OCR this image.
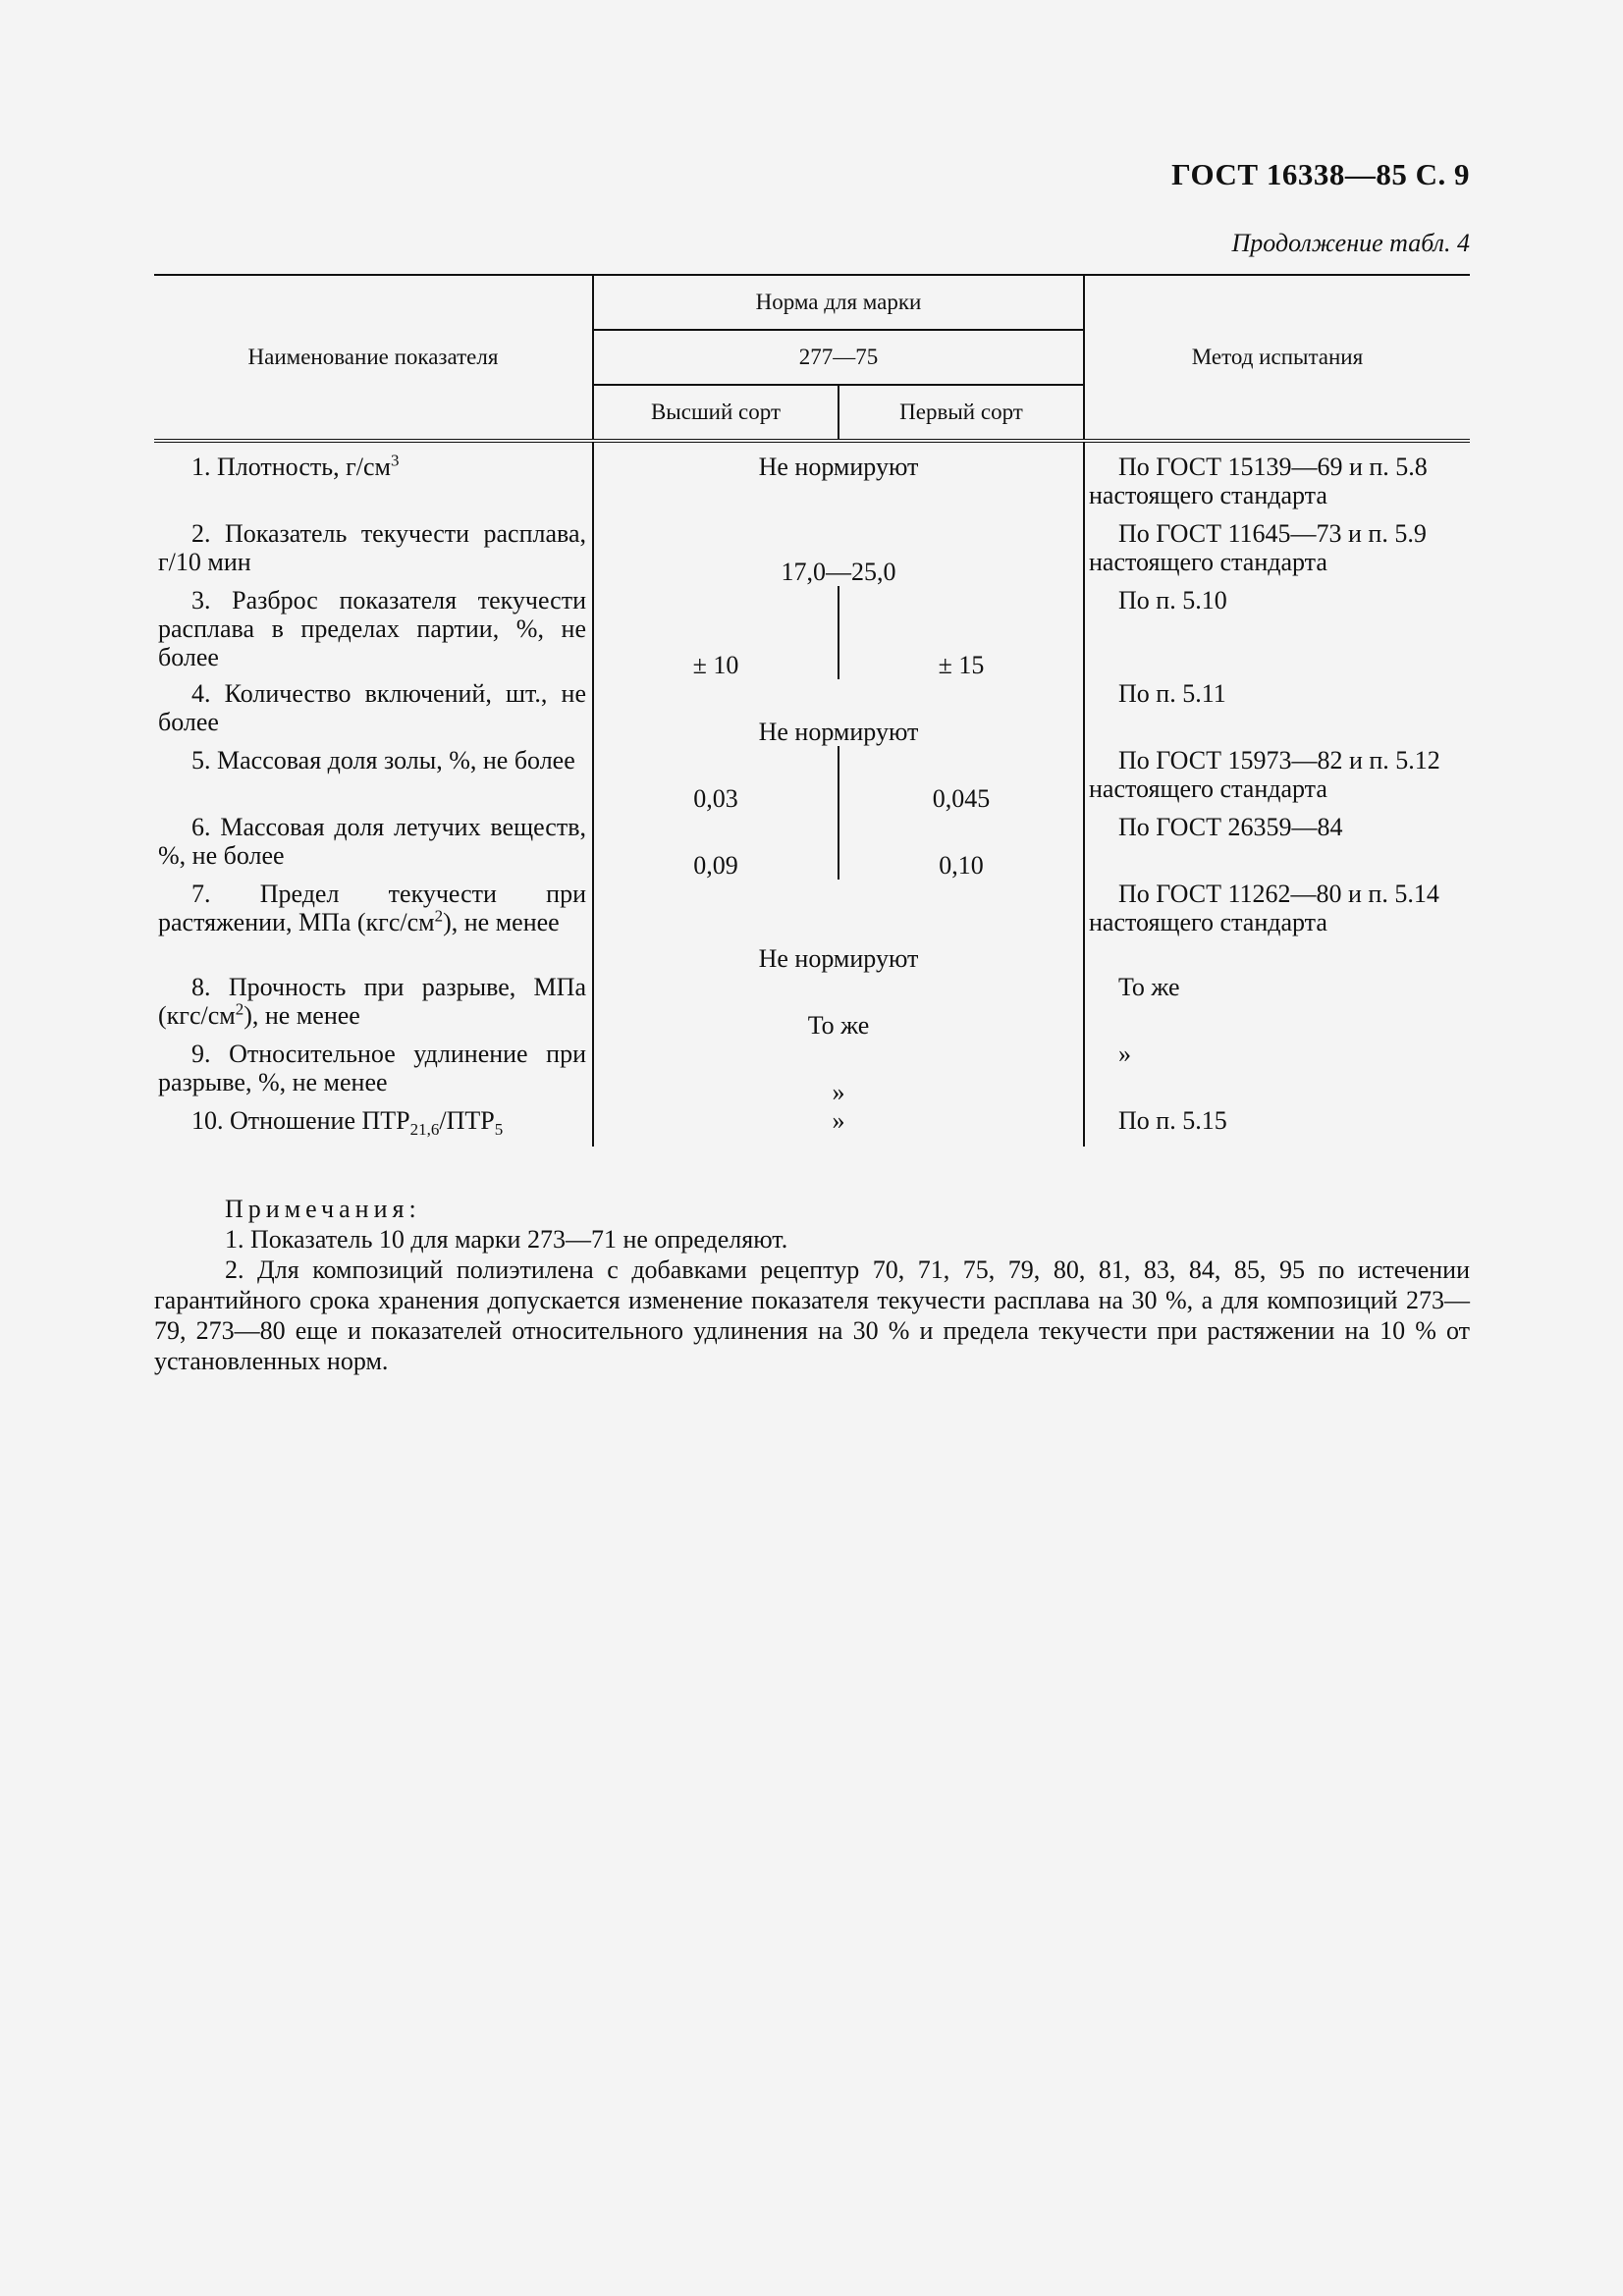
ГОСТ 16338—85 С. 9
Продолжение табл. 4
Наименование показателя	Норма для марки		Метод испытания
	277—75		
	Высший сорт	Первый сорт	

1. Плотность, $г/см^3$	Не нормируют		По ГОСТ 15139—69 и п. 5.8 настоящего стандарта
2. Показатель текучести расплава, г/10 мин	17,0—25,0		По ГОСТ 11645—73 и п. 5.9 настоящего стандарта
3. Разброс показателя текучести расплава в пределах партии, %, не более	± 10	± 15	По п. 5.10
4. Количество включений, шт., не более	Не нормируют		По п. 5.11
5. Массовая доля золы, %, не более	0,03	0,045	По ГОСТ 15973—82 и п. 5.12 настоящего стандарта
6. Массовая доля летучих веществ, %, не более	0,09	0,10	По ГОСТ 26359—84
7. Предел текучести при растяжении, МПа $(кгс/см^2)$, не менее	Не нормируют		По ГОСТ 11262—80 и п. 5.14 настоящего стандарта
8. Прочность при разрыве, МПа $(кгс/см^2)$, не менее	То же		То же
9. Относительное удлинение при разрыве, %, не менее	»		»
10. Отношение $ПТР_{21,6}/ПТР_5$	»		По п. 5.15
Примечания:
1. Показатель 10 для марки 273—71 не определяют.
2. Для композиций полиэтилена с добавками рецептур 70, 71, 75, 79, 80, 81, 83, 84, 85, 95 по истечении гарантийного срока хранения допускается изменение показателя текучести расплава на 30 %, а для композиций 273—79, 273—80 еще и показателей относительного удлинения на 30 % и предела текучести при растяжении на 10 % от установленных норм.
